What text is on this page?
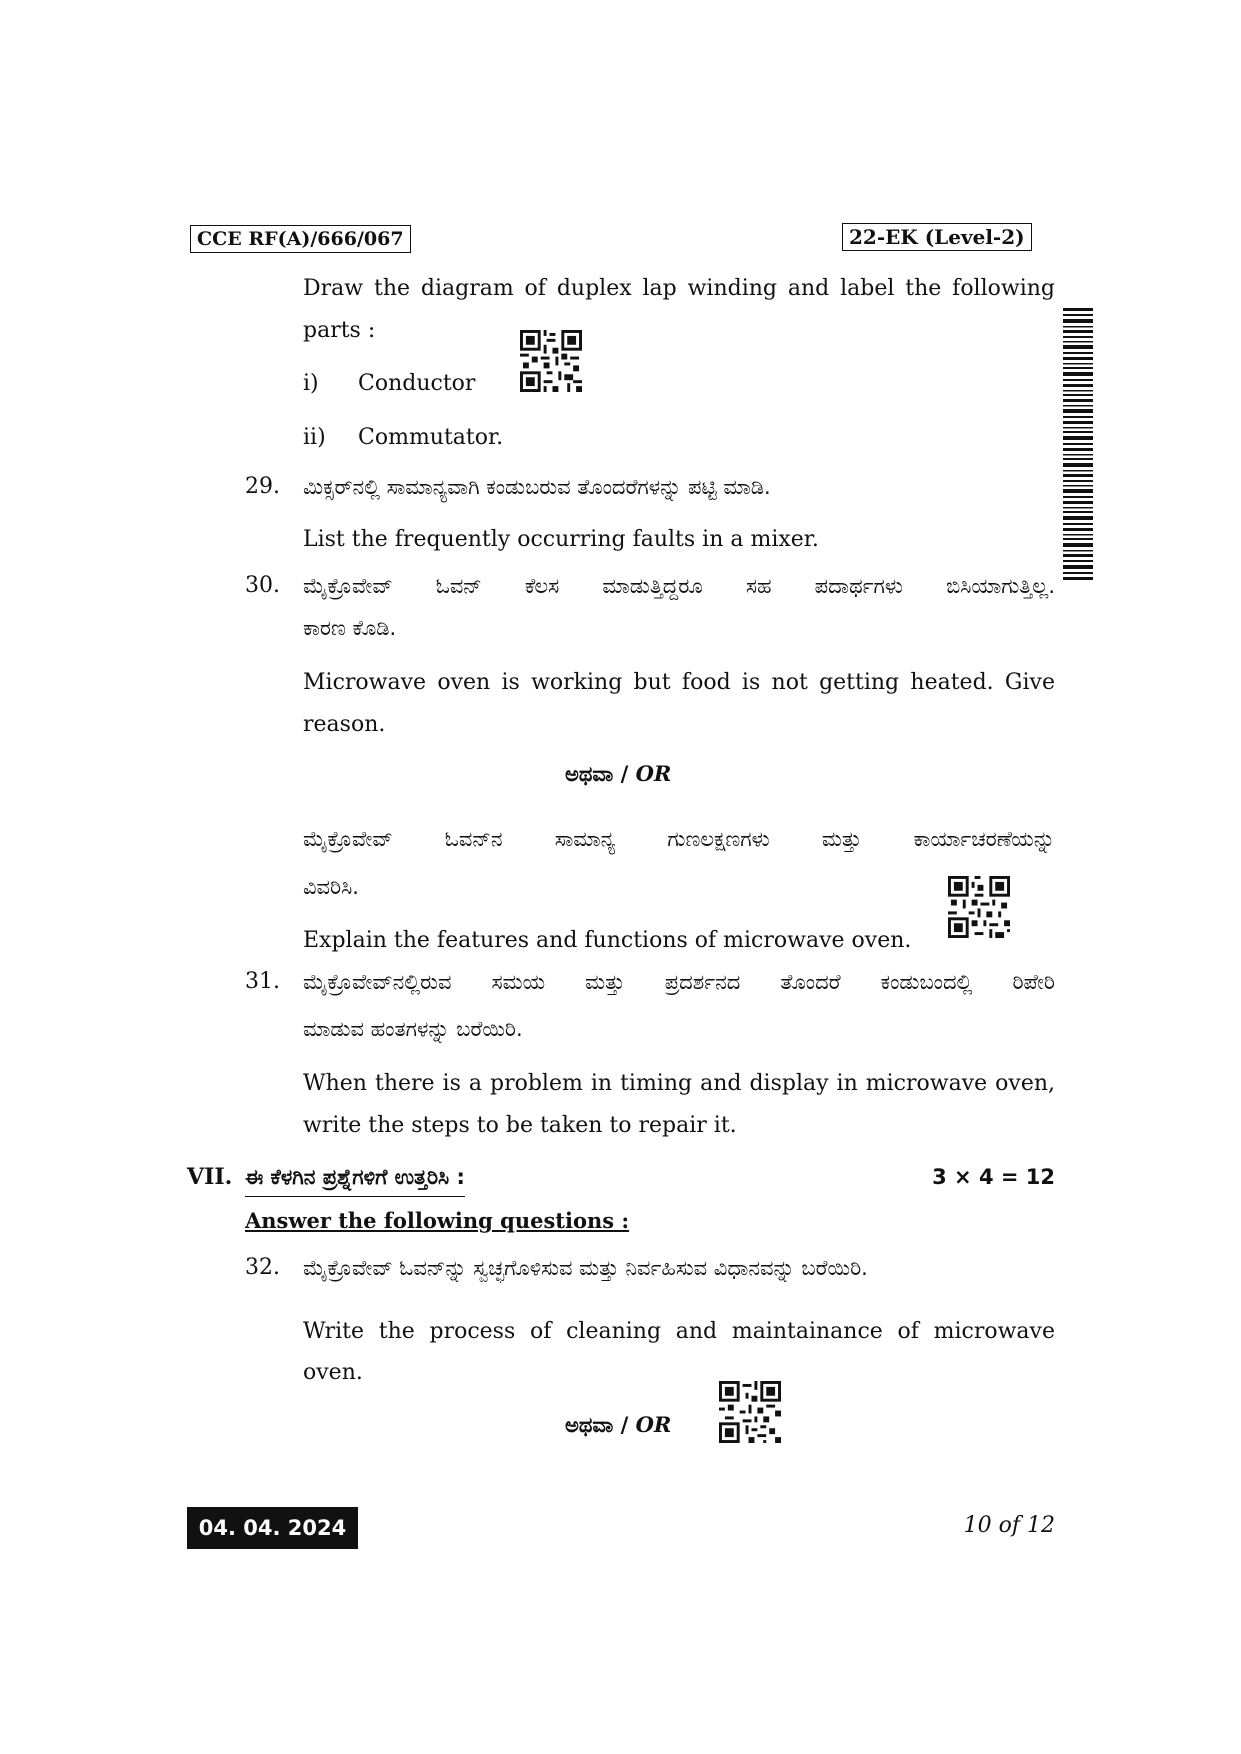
CCE RF(A)/666/067	22-EK (Level-2)
Draw the diagram of duplex lap winding and label the following
parts :
i)	Conductor
ii)	Commutator.
29. ಮಿಕ್ಸರ್‌ನಲ್ಲಿ ಸಾಮಾನ್ಯವಾಗಿ ಕಂಡುಬರುವ ತೊಂದರೆಗಳನ್ನು ಪಟ್ಟಿ ಮಾಡಿ.
List the frequently occurring faults in a mixer.
30. ಮೈಕ್ರೊವೇವ್ ಓವನ್ ಕೆಲಸ ಮಾಡುತ್ತಿದ್ದರೂ ಸಹ ಪದಾರ್ಥಗಳು ಬಿಸಿಯಾಗುತ್ತಿಲ್ಲ.
ಕಾರಣ ಕೊಡಿ.
Microwave oven is working but food is not getting heated. Give
reason.
ಅಥವಾ / OR
ಮೈಕ್ರೊವೇವ್ ಓವನ್‌ನ ಸಾಮಾನ್ಯ ಗುಣಲಕ್ಷಣಗಳು ಮತ್ತು ಕಾರ್ಯಾಚರಣೆಯನ್ನು
ವಿವರಿಸಿ.
Explain the features and functions of microwave oven.
31. ಮೈಕ್ರೊವೇವ್‌ನಲ್ಲಿರುವ ಸಮಯ ಮತ್ತು ಪ್ರದರ್ಶನದ ತೊಂದರೆ ಕಂಡುಬಂದಲ್ಲಿ ರಿಪೇರಿ
ಮಾಡುವ ಹಂತಗಳನ್ನು ಬರೆಯಿರಿ.
When there is a problem in timing and display in microwave oven,
write the steps to be taken to repair it.
VII. ಈ ಕೆಳಗಿನ ಪ್ರಶ್ನೆಗಳಿಗೆ ಉತ್ತರಿಸಿ :	3 × 4 = 12
Answer the following questions :
32. ಮೈಕ್ರೊವೇವ್ ಓವನ್‌ನ್ನು ಸ್ವಚ್ಛಗೊಳಿಸುವ ಮತ್ತು ನಿರ್ವಹಿಸುವ ವಿಧಾನವನ್ನು ಬರೆಯಿರಿ.
Write the process of cleaning and maintainance of microwave
oven.
ಅಥವಾ / OR
04. 04. 2024	10 of 12
